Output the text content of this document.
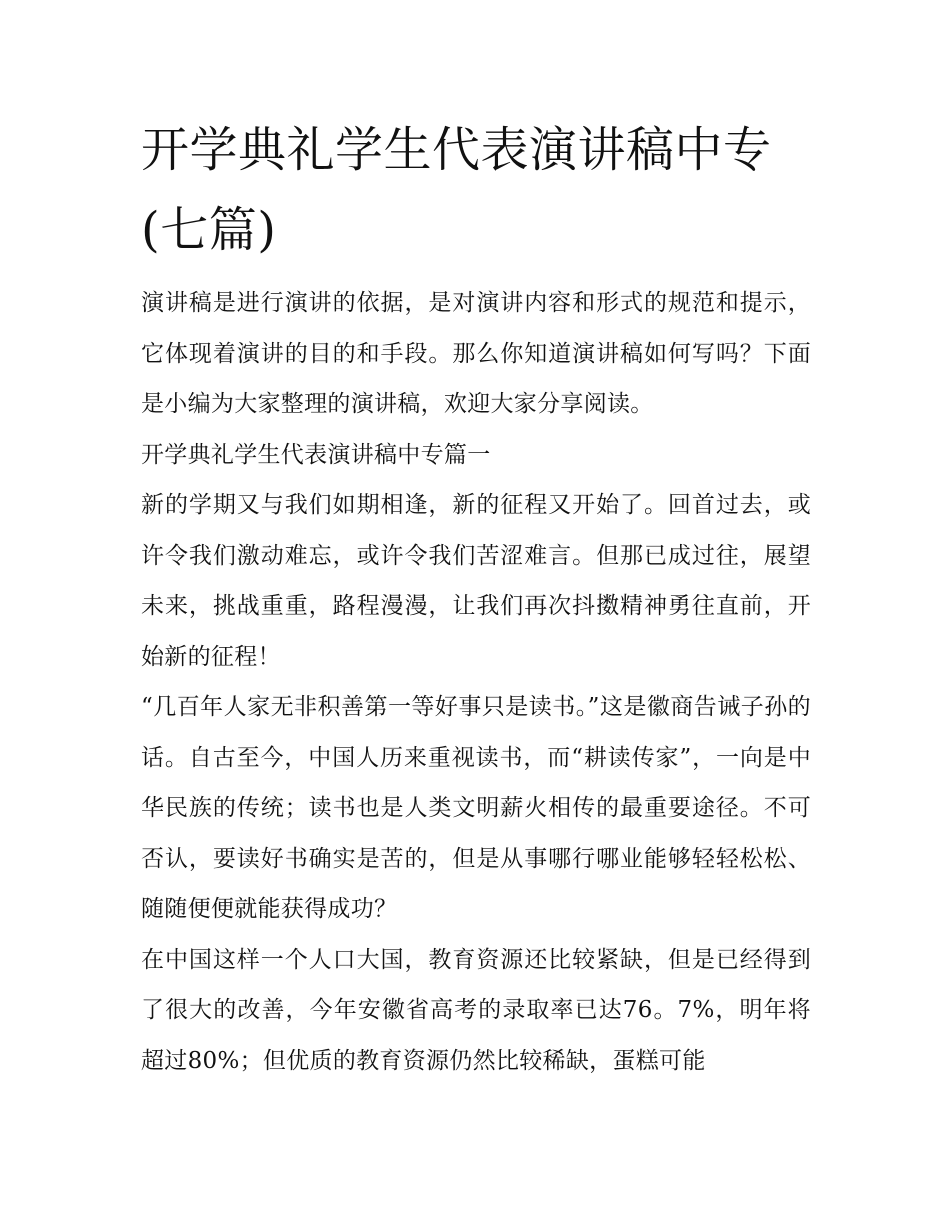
开学典礼学生代表演讲稿中专(七篇)

演讲稿是进行演讲的依据，是对演讲内容和形式的规范和提示，它体现着演讲的目的和手段。那么你知道演讲稿如何写吗？下面是小编为大家整理的演讲稿，欢迎大家分享阅读。

开学典礼学生代表演讲稿中专篇一

新的学期又与我们如期相逢，新的征程又开始了。回首过去，或许令我们激动难忘，或许令我们苦涩难言。但那已成过往，展望未来，挑战重重，路程漫漫，让我们再次抖擞精神勇往直前，开始新的征程！

“几百年人家无非积善第一等好事只是读书。”这是徽商告诫子孙的话。自古至今，中国人历来重视读书，而“耕读传家”，一向是中华民族的传统；读书也是人类文明薪火相传的最重要途径。不可否认，要读好书确实是苦的，但是从事哪行哪业能够轻轻松松、随随便便就能获得成功？

在中国这样一个人口大国，教育资源还比较紧缺，但是已经得到了很大的改善，今年安徽省高考的录取率已达76。7%，明年将超过80%；但优质的教育资源仍然比较稀缺，蛋糕可能
